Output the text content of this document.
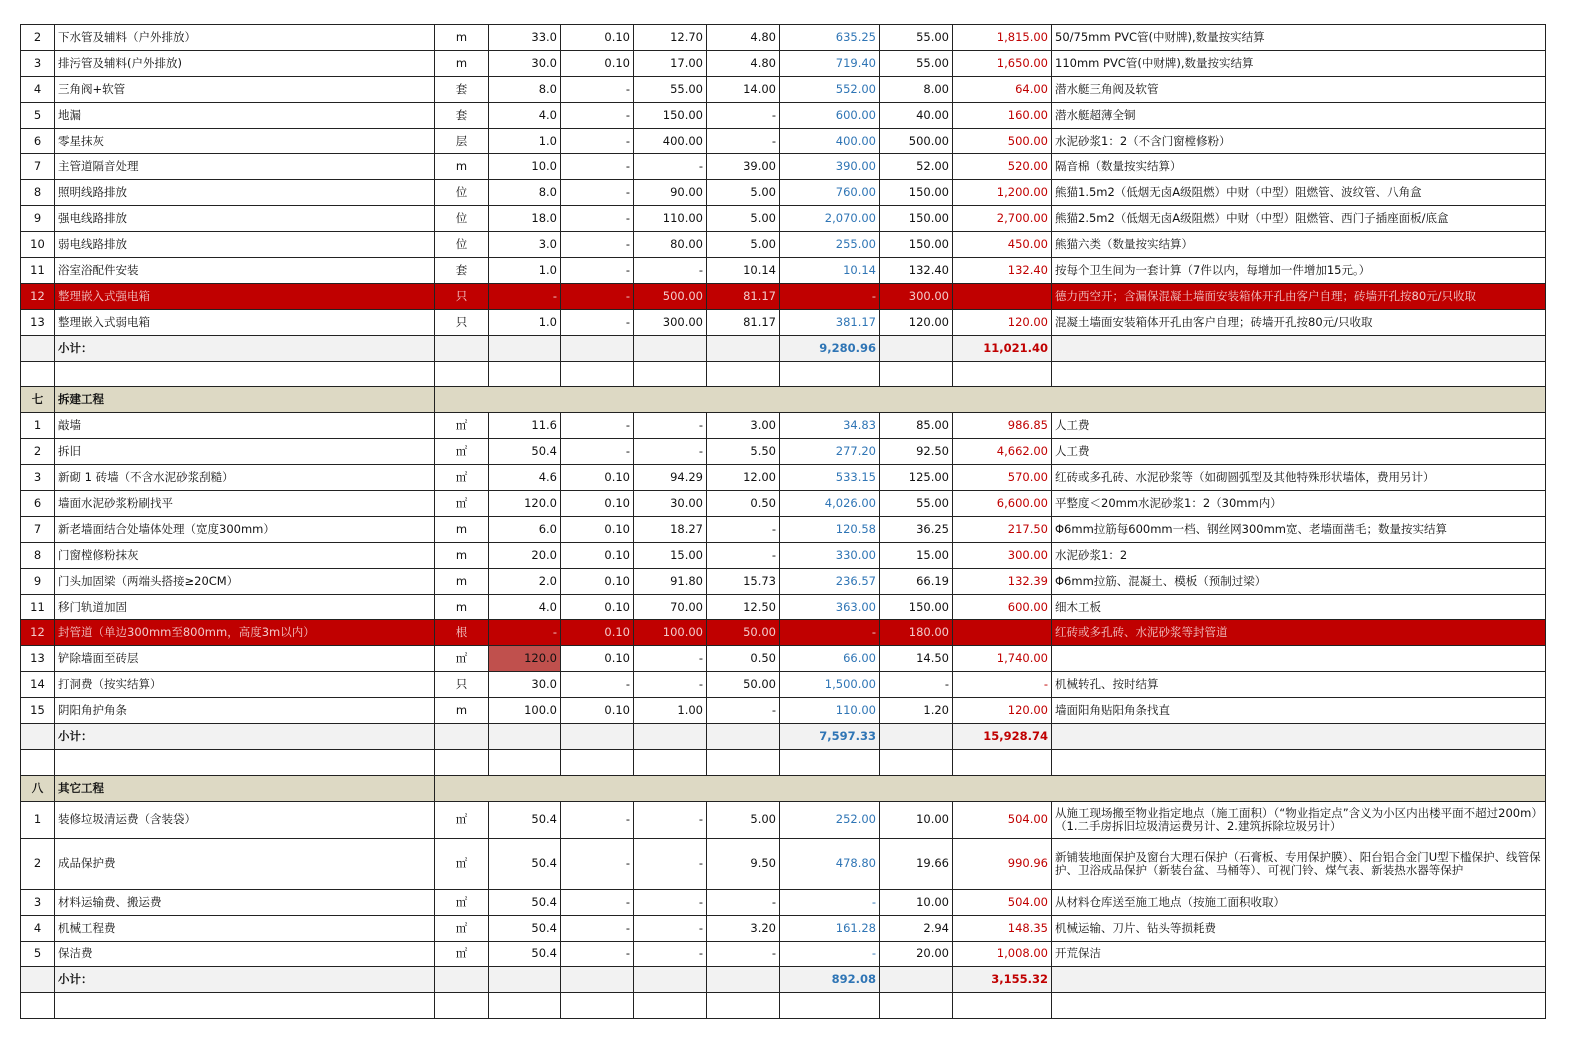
2	下水管及辅料（户外排放）	m	33.0	0.10	12.70	4.80	635.25	55.00	1,815.00	50/75mm PVC管(中财牌),数量按实结算
3	排污管及辅料(户外排放)	m	30.0	0.10	17.00	4.80	719.40	55.00	1,650.00	110mm PVC管(中财牌),数量按实结算
4	三角阀+软管	套	8.0	-	55.00	14.00	552.00	8.00	64.00	潜水艇三角阀及软管
5	地漏	套	4.0	-	150.00	-	600.00	40.00	160.00	潜水艇超薄全铜
6	零星抹灰	层	1.0	-	400.00	-	400.00	500.00	500.00	水泥砂浆1：2（不含门窗樘修粉）
7	主管道隔音处理	m	10.0	-	-	39.00	390.00	52.00	520.00	隔音棉（数量按实结算）
8	照明线路排放	位	8.0	-	90.00	5.00	760.00	150.00	1,200.00	熊猫1.5m2（低烟无卤A级阻燃）中财（中型）阻燃管、波纹管、八角盒
9	强电线路排放	位	18.0	-	110.00	5.00	2,070.00	150.00	2,700.00	熊猫2.5m2（低烟无卤A级阻燃）中财（中型）阻燃管、西门子插座面板/底盒
10	弱电线路排放	位	3.0	-	80.00	5.00	255.00	150.00	450.00	熊猫六类（数量按实结算）
11	浴室浴配件安装	套	1.0	-	-	10.14	10.14	132.40	132.40	按每个卫生间为一套计算（7件以内，每增加一件增加15元。）
12	整理嵌入式强电箱	只	-	-	500.00	81.17	-	300.00		德力西空开；含漏保混凝土墙面安装箱体开孔由客户自理；砖墙开孔按80元/只收取
13	整理嵌入式弱电箱	只	1.0	-	300.00	81.17	381.17	120.00	120.00	混凝土墙面安装箱体开孔由客户自理；砖墙开孔按80元/只收取
	小计：						9,280.96		11,021.40	

七	拆建工程									
1	敲墙	㎡	11.6	-	-	3.00	34.83	85.00	986.85	人工费
2	拆旧	㎡	50.4	-	-	5.50	277.20	92.50	4,662.00	人工费
3	新砌 1 砖墙（不含水泥砂浆刮糙）	㎡	4.6	0.10	94.29	12.00	533.15	125.00	570.00	红砖或多孔砖、水泥砂浆等（如砌圆弧型及其他特殊形状墙体，费用另计）
6	墙面水泥砂浆粉刷找平	㎡	120.0	0.10	30.00	0.50	4,026.00	55.00	6,600.00	平整度＜20mm水泥砂浆1：2（30mm内）
7	新老墙面结合处墙体处理（宽度300mm）	m	6.0	0.10	18.27	-	120.58	36.25	217.50	Φ6mm拉筋每600mm一档、钢丝网300mm宽、老墙面凿毛；数量按实结算
8	门窗樘修粉抹灰	m	20.0	0.10	15.00	-	330.00	15.00	300.00	水泥砂浆1：2
9	门头加固梁（两端头搭接≥20CM）	m	2.0	0.10	91.80	15.73	236.57	66.19	132.39	Φ6mm拉筋、混凝土、模板（预制过梁）
11	移门轨道加固	m	4.0	0.10	70.00	12.50	363.00	150.00	600.00	细木工板
12	封管道（单边300mm至800mm，高度3m以内）	根	-	0.10	100.00	50.00	-	180.00		红砖或多孔砖、水泥砂浆等封管道
13	铲除墙面至砖层	㎡	120.0	0.10	-	0.50	66.00	14.50	1,740.00	
14	打洞费（按实结算）	只	30.0	-	-	50.00	1,500.00	-	-	机械转孔、按时结算
15	阴阳角护角条	m	100.0	0.10	1.00	-	110.00	1.20	120.00	墙面阳角贴阳角条找直
	小计：						7,597.33		15,928.74	

八	其它工程									
1	装修垃圾清运费（含装袋）	㎡	50.4	-	-	5.00	252.00	10.00	504.00	从施工现场搬至物业指定地点（施工面积）（“物业指定点”含义为小区内出楼平面不超过200m）（1.二手房拆旧垃圾清运费另计、2.建筑拆除垃圾另计）
2	成品保护费	㎡	50.4	-	-	9.50	478.80	19.66	990.96	新铺装地面保护及窗台大理石保护（石膏板、专用保护膜）、阳台铝合金门U型下槛保护、线管保护、卫浴成品保护（新装台盆、马桶等）、可视门铃、煤气表、新装热水器等保护
3	材料运输费、搬运费	㎡	50.4	-	-	-	-	10.00	504.00	从材料仓库送至施工地点（按施工面积收取）
4	机械工程费	㎡	50.4	-	-	3.20	161.28	2.94	148.35	机械运输、刀片、钻头等损耗费
5	保洁费	㎡	50.4	-	-	-	-	20.00	1,008.00	开荒保洁
	小计：						892.08		3,155.32	
